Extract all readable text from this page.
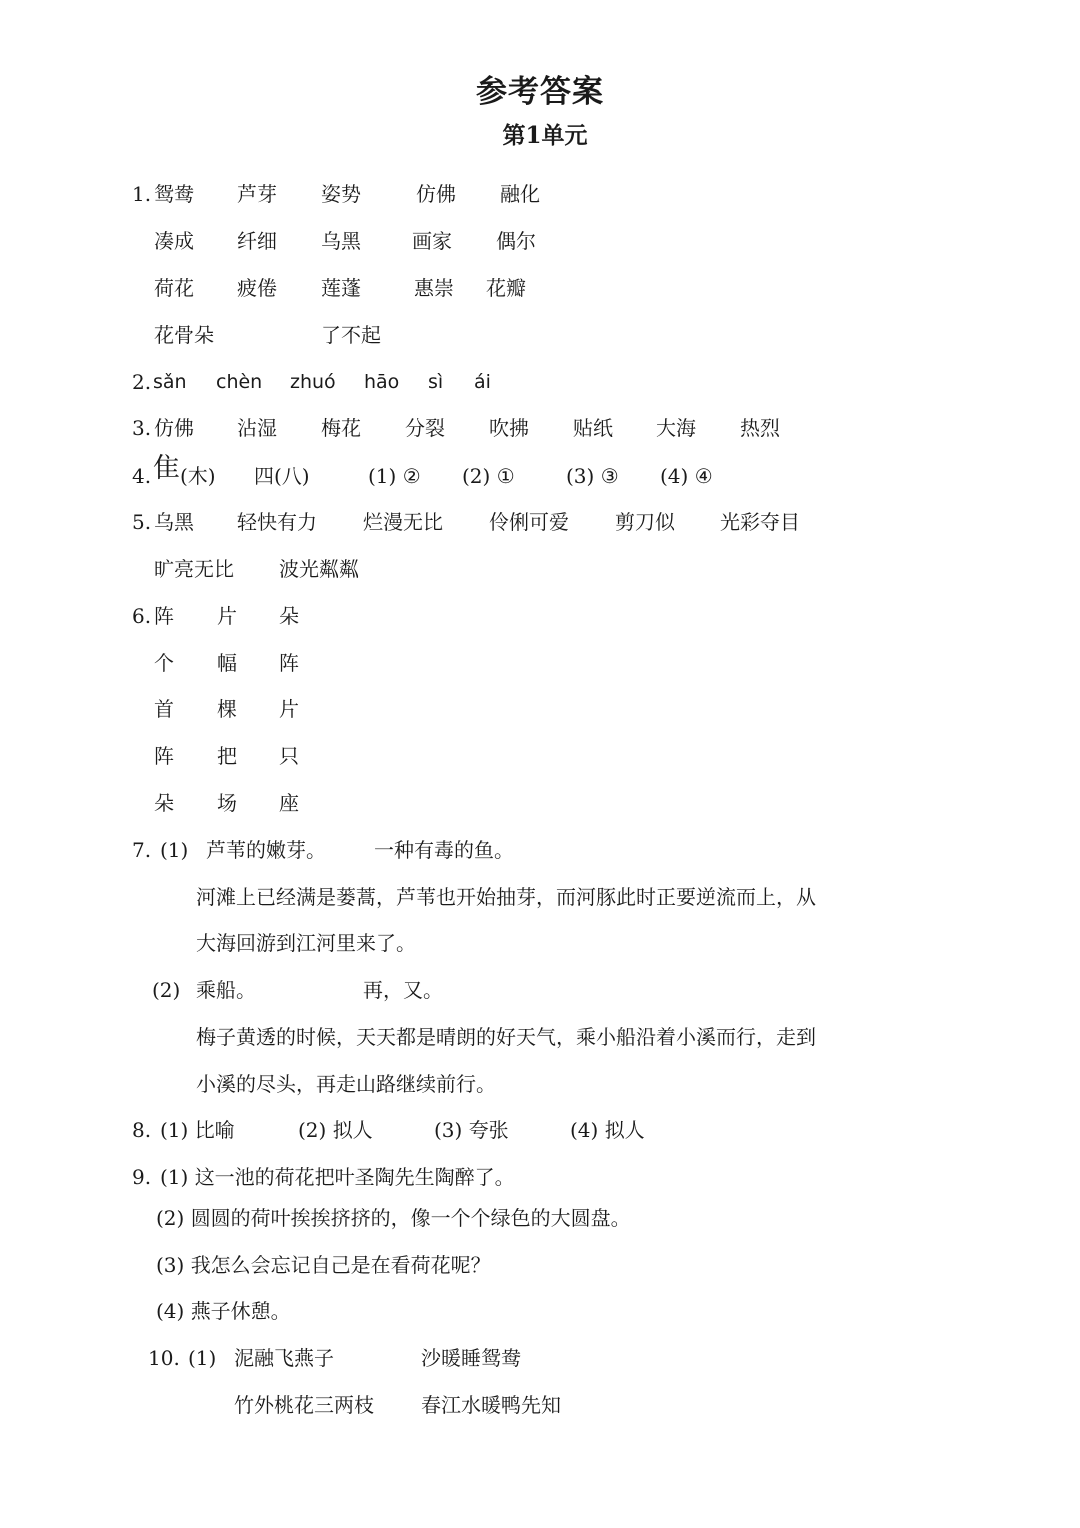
参考答案
第1单元
1. 鸳鸯 芦芽 姿势	仿佛 融化
凑成 纤细 乌黑	画家 偶尔
荷花 疲倦 莲蓬	惠崇 花瓣
花骨朵	了不起
2. sǎn chèn zhuó hāo sì ái
3. 仿佛 沾湿 梅花 分裂 吹拂 贴纸 大海 热烈
4. 隹 (木) 四(八)	(1) ② (2) ①	(3) ③ (4) ④
5. 乌黑 轻快有力 烂漫无比 伶俐可爱 剪刀似 光彩夺目
旷亮无比 波光粼粼
6. 阵 片 朵
个 幅 阵
首 棵 片
阵 把 只
朵 场 座
7. (1) 芦苇的嫩芽。 一种有毒的鱼。
河滩上已经满是蒌蒿，芦苇也开始抽芽，而河豚此时正要逆流而上，从
大海回游到江河里来了。
(2) 乘船。	再，又。
梅子黄透的时候，天天都是晴朗的好天气，乘小船沿着小溪而行，走到
小溪的尽头，再走山路继续前行。
8. (1) 比喻	(2) 拟人	(3) 夸张	(4) 拟人
9. (1) 这一池的荷花把叶圣陶先生陶醉了。
(2) 圆圆的荷叶挨挨挤挤的，像一个个绿色的大圆盘。
(3) 我怎么会忘记自己是在看荷花呢？
(4) 燕子休憩。
10. (1) 泥融飞燕子	沙暖睡鸳鸯
竹外桃花三两枝 春江水暖鸭先知
